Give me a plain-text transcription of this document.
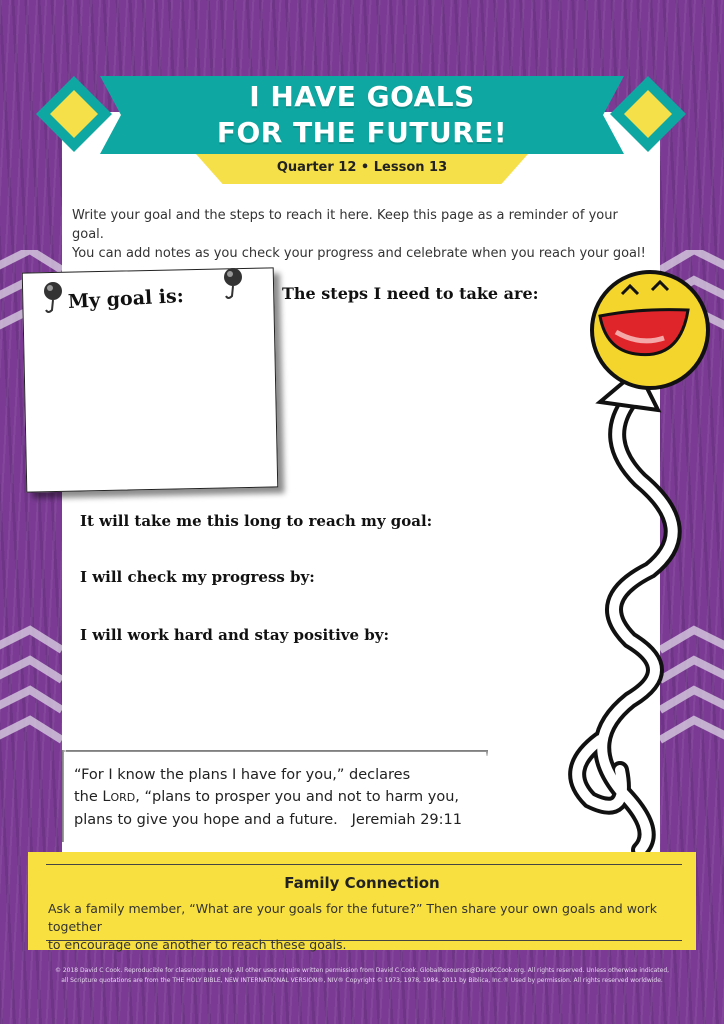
I HAVE GOALS
FOR THE FUTURE!
Quarter 12 • Lesson 13
Write your goal and the steps to reach it here. Keep this page as a reminder of your goal.
You can add notes as you check your progress and celebrate when you reach your goal!
My goal is:	The steps I need to take are:
It will take me this long to reach my goal:
I will check my progress by:
I will work hard and stay positive by:
“For I know the plans I have for you,” declares
the LORD, “plans to prosper you and not to harm you,
plans to give you hope and a future. Jeremiah 29:11
Family Connection
Ask a family member, “What are your goals for the future?” Then share your own goals and work together
to encourage one another to reach these goals.
© 2018 David C Cook. Reproducible for classroom use only. All other uses require written permission from David C Cook. GlobalResources@DavidCCook.org. All rights reserved. Unless otherwise indicated,
all Scripture quotations are from the THE HOLY BIBLE, NEW INTERNATIONAL VERSION®, NIV® Copyright © 1973, 1978, 1984, 2011 by Biblica, Inc.® Used by permission. All rights reserved worldwide.
